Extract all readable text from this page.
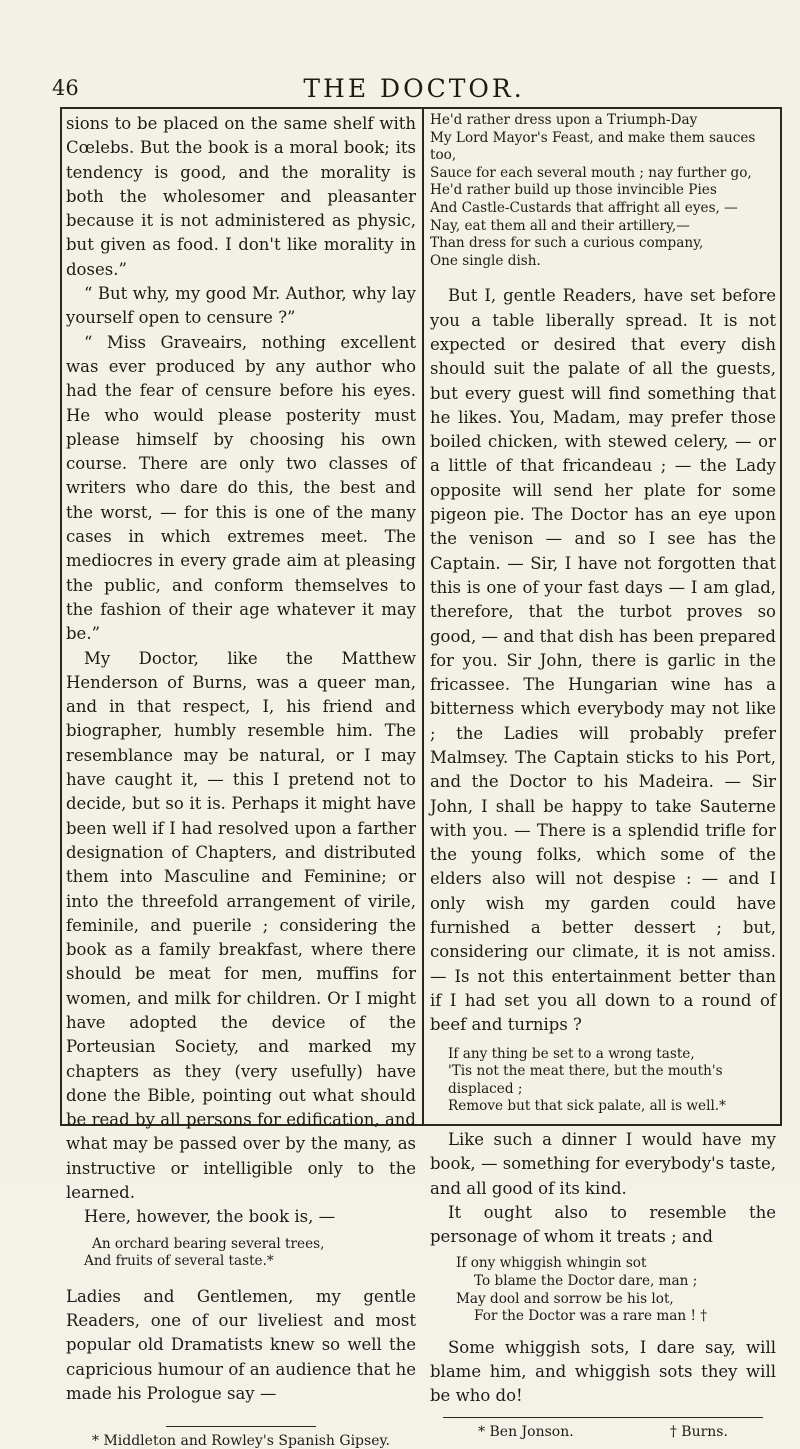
46	THE DOCTOR.

sions to be placed on the same shelf with Cœlebs. But the book is a moral book; its tendency is good, and the morality is both the wholesomer and pleasanter because it is not administered as physic, but given as food. I don't like morality in doses.”

“ But why, my good Mr. Author, why lay yourself open to censure ?”

“ Miss Graveairs, nothing excellent was ever produced by any author who had the fear of censure before his eyes. He who would please posterity must please himself by choosing his own course. There are only two classes of writers who dare do this, the best and the worst, — for this is one of the many cases in which extremes meet. The mediocres in every grade aim at pleasing the public, and conform themselves to the fashion of their age whatever it may be.”

My Doctor, like the Matthew Henderson of Burns, was a queer man, and in that respect, I, his friend and biographer, humbly resemble him. The resemblance may be natural, or I may have caught it, — this I pretend not to decide, but so it is. Perhaps it might have been well if I had resolved upon a farther designation of Chapters, and distributed them into Masculine and Feminine; or into the threefold arrangement of virile, feminile, and puerile ; considering the book as a family breakfast, where there should be meat for men, muffins for women, and milk for children. Or I might have adopted the device of the Porteusian Society, and marked my chapters as they (very usefully) have done the Bible, pointing out what should be read by all persons for edification, and what may be passed over by the many, as instructive or intelligible only to the learned.

Here, however, the book is, —

An orchard bearing several trees,
And fruits of several taste.*

Ladies and Gentlemen, my gentle Readers, one of our liveliest and most popular old Dramatists knew so well the capricious humour of an audience that he made his Prologue say —

* Middleton and Rowley's Spanish Gipsey.

He'd rather dress upon a Triumph-Day
My Lord Mayor's Feast, and make them sauces too,
Sauce for each several mouth ; nay further go,
He'd rather build up those invincible Pies
And Castle-Custards that affright all eyes, —
Nay, eat them all and their artillery,—
Than dress for such a curious company,
One single dish.

But I, gentle Readers, have set before you a table liberally spread. It is not expected or desired that every dish should suit the palate of all the guests, but every guest will find something that he likes. You, Madam, may prefer those boiled chicken, with stewed celery, — or a little of that fricandeau ; — the Lady opposite will send her plate for some pigeon pie. The Doctor has an eye upon the venison — and so I see has the Captain. — Sir, I have not forgotten that this is one of your fast days — I am glad, therefore, that the turbot proves so good, — and that dish has been prepared for you. Sir John, there is garlic in the fricassee. The Hungarian wine has a bitterness which everybody may not like ; the Ladies will probably prefer Malmsey. The Captain sticks to his Port, and the Doctor to his Madeira. — Sir John, I shall be happy to take Sauterne with you. — There is a splendid trifle for the young folks, which some of the elders also will not despise : — and I only wish my garden could have furnished a better dessert ; but, considering our climate, it is not amiss. — Is not this entertainment better than if I had set you all down to a round of beef and turnips ?

If any thing be set to a wrong taste,
'Tis not the meat there, but the mouth's displaced ;
Remove but that sick palate, all is well.*

Like such a dinner I would have my book, — something for everybody's taste, and all good of its kind.

It ought also to resemble the personage of whom it treats ; and

If ony whiggish whingin sot
To blame the Doctor dare, man ;
May dool and sorrow be his lot,
For the Doctor was a rare man ! †

Some whiggish sots, I dare say, will blame him, and whiggish sots they will be who do!

* Ben Jonson.	† Burns.
